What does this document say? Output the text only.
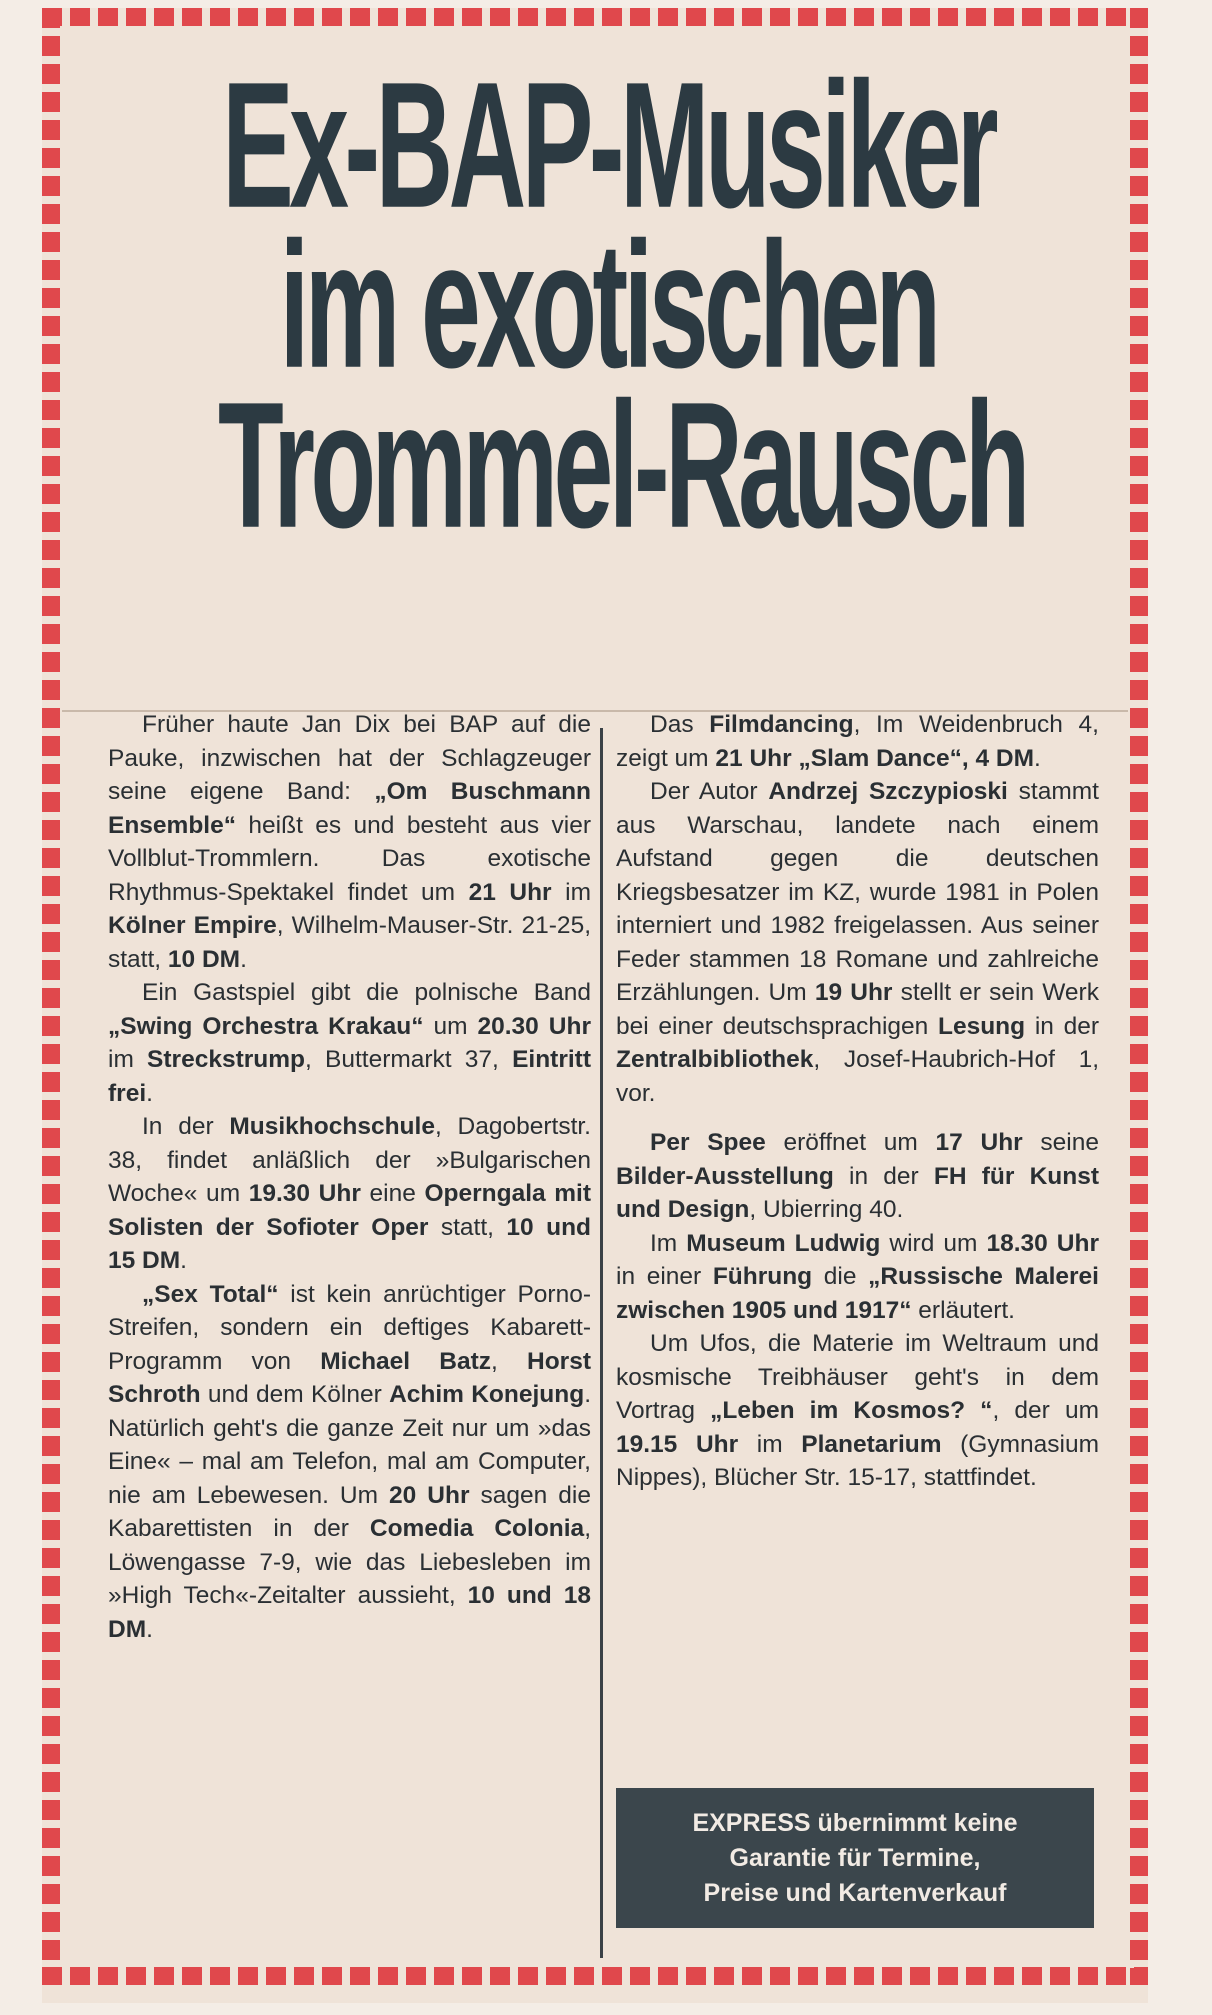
Ex-BAP-Musiker
im exotischen
Trommel-Rausch

Früher haute Jan Dix bei BAP auf die Pauke, inzwischen hat der Schlagzeuger seine eigene Band: „Om Buschmann Ensemble“ heißt es und besteht aus vier Vollblut-Trommlern. Das exotische Rhythmus-Spektakel findet um 21 Uhr im Kölner Empire, Wilhelm-Mauser-Str. 21-25, statt, 10 DM.

Ein Gastspiel gibt die polnische Band „Swing Orchestra Krakau“ um 20.30 Uhr im Streckstrump, Buttermarkt 37, Eintritt frei.

In der Musikhochschule, Dagobertstr. 38, findet anläßlich der »Bulgarischen Woche« um 19.30 Uhr eine Operngala mit Solisten der Sofioter Oper statt, 10 und 15 DM.

„Sex Total“ ist kein anrüchtiger Porno-Streifen, sondern ein deftiges Kabarett-Programm von Michael Batz, Horst Schroth und dem Kölner Achim Konejung. Natürlich geht's die ganze Zeit nur um »das Eine« – mal am Telefon, mal am Computer, nie am Lebewesen. Um 20 Uhr sagen die Kabarettisten in der Comedia Colonia, Löwengasse 7-9, wie das Liebesleben im »High Tech«-Zeitalter aussieht, 10 und 18 DM.

Das Filmdancing, Im Weidenbruch 4, zeigt um 21 Uhr „Slam Dance“, 4 DM.

Der Autor Andrzej Szczypioski stammt aus Warschau, landete nach einem Aufstand gegen die deutschen Kriegsbesatzer im KZ, wurde 1981 in Polen interniert und 1982 freigelassen. Aus seiner Feder stammen 18 Romane und zahlreiche Erzählungen. Um 19 Uhr stellt er sein Werk bei einer deutschsprachigen Lesung in der Zentralbibliothek, Josef-Haubrich-Hof 1, vor.

Per Spee eröffnet um 17 Uhr seine Bilder-Ausstellung in der FH für Kunst und Design, Ubierring 40.

Im Museum Ludwig wird um 18.30 Uhr in einer Führung die „Russische Malerei zwischen 1905 und 1917“ erläutert.

Um Ufos, die Materie im Weltraum und kosmische Treibhäuser geht's in dem Vortrag „Leben im Kosmos? “, der um 19.15 Uhr im Planetarium (Gymnasium Nippes), Blücher Str. 15-17, stattfindet.

EXPRESS übernimmt keine
Garantie für Termine,
Preise und Kartenverkauf
